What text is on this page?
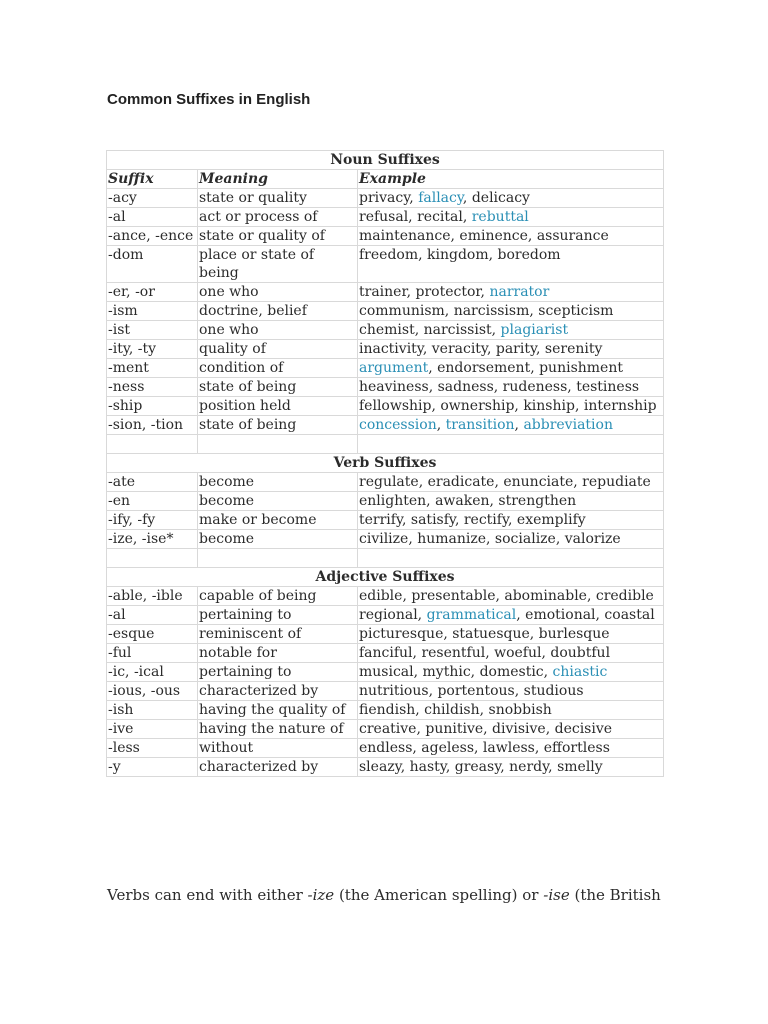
Common Suffixes in English
Noun Suffixes		
Suffix	Meaning	Example
-acy	state or quality	privacy, fallacy, delicacy
-al	act or process of	refusal, recital, rebuttal
-ance, -ence	state or quality of	maintenance, eminence, assurance
-dom	place or state of being	freedom, kingdom, boredom
-er, -or	one who	trainer, protector, narrator
-ism	doctrine, belief	communism, narcissism, scepticism
-ist	one who	chemist, narcissist, plagiarist
-ity, -ty	quality of	inactivity, veracity, parity, serenity
-ment	condition of	argument, endorsement, punishment
-ness	state of being	heaviness, sadness, rudeness, testiness
-ship	position held	fellowship, ownership, kinship, internship
-sion, -tion	state of being	concession, transition, abbreviation

Verb Suffixes		
-ate	become	regulate, eradicate, enunciate, repudiate
-en	become	enlighten, awaken, strengthen
-ify, -fy	make or become	terrify, satisfy, rectify, exemplify
-ize, -ise*	become	civilize, humanize, socialize, valorize

Adjective Suffixes		
-able, -ible	capable of being	edible, presentable, abominable, credible
-al	pertaining to	regional, grammatical, emotional, coastal
-esque	reminiscent of	picturesque, statuesque, burlesque
-ful	notable for	fanciful, resentful, woeful, doubtful
-ic, -ical	pertaining to	musical, mythic, domestic, chiastic
-ious, -ous	characterized by	nutritious, portentous, studious
-ish	having the quality of	fiendish, childish, snobbish
-ive	having the nature of	creative, punitive, divisive, decisive
-less	without	endless, ageless, lawless, effortless
-y	characterized by	sleazy, hasty, greasy, nerdy, smelly

Verbs can end with either -ize (the American spelling) or -ise (the British
